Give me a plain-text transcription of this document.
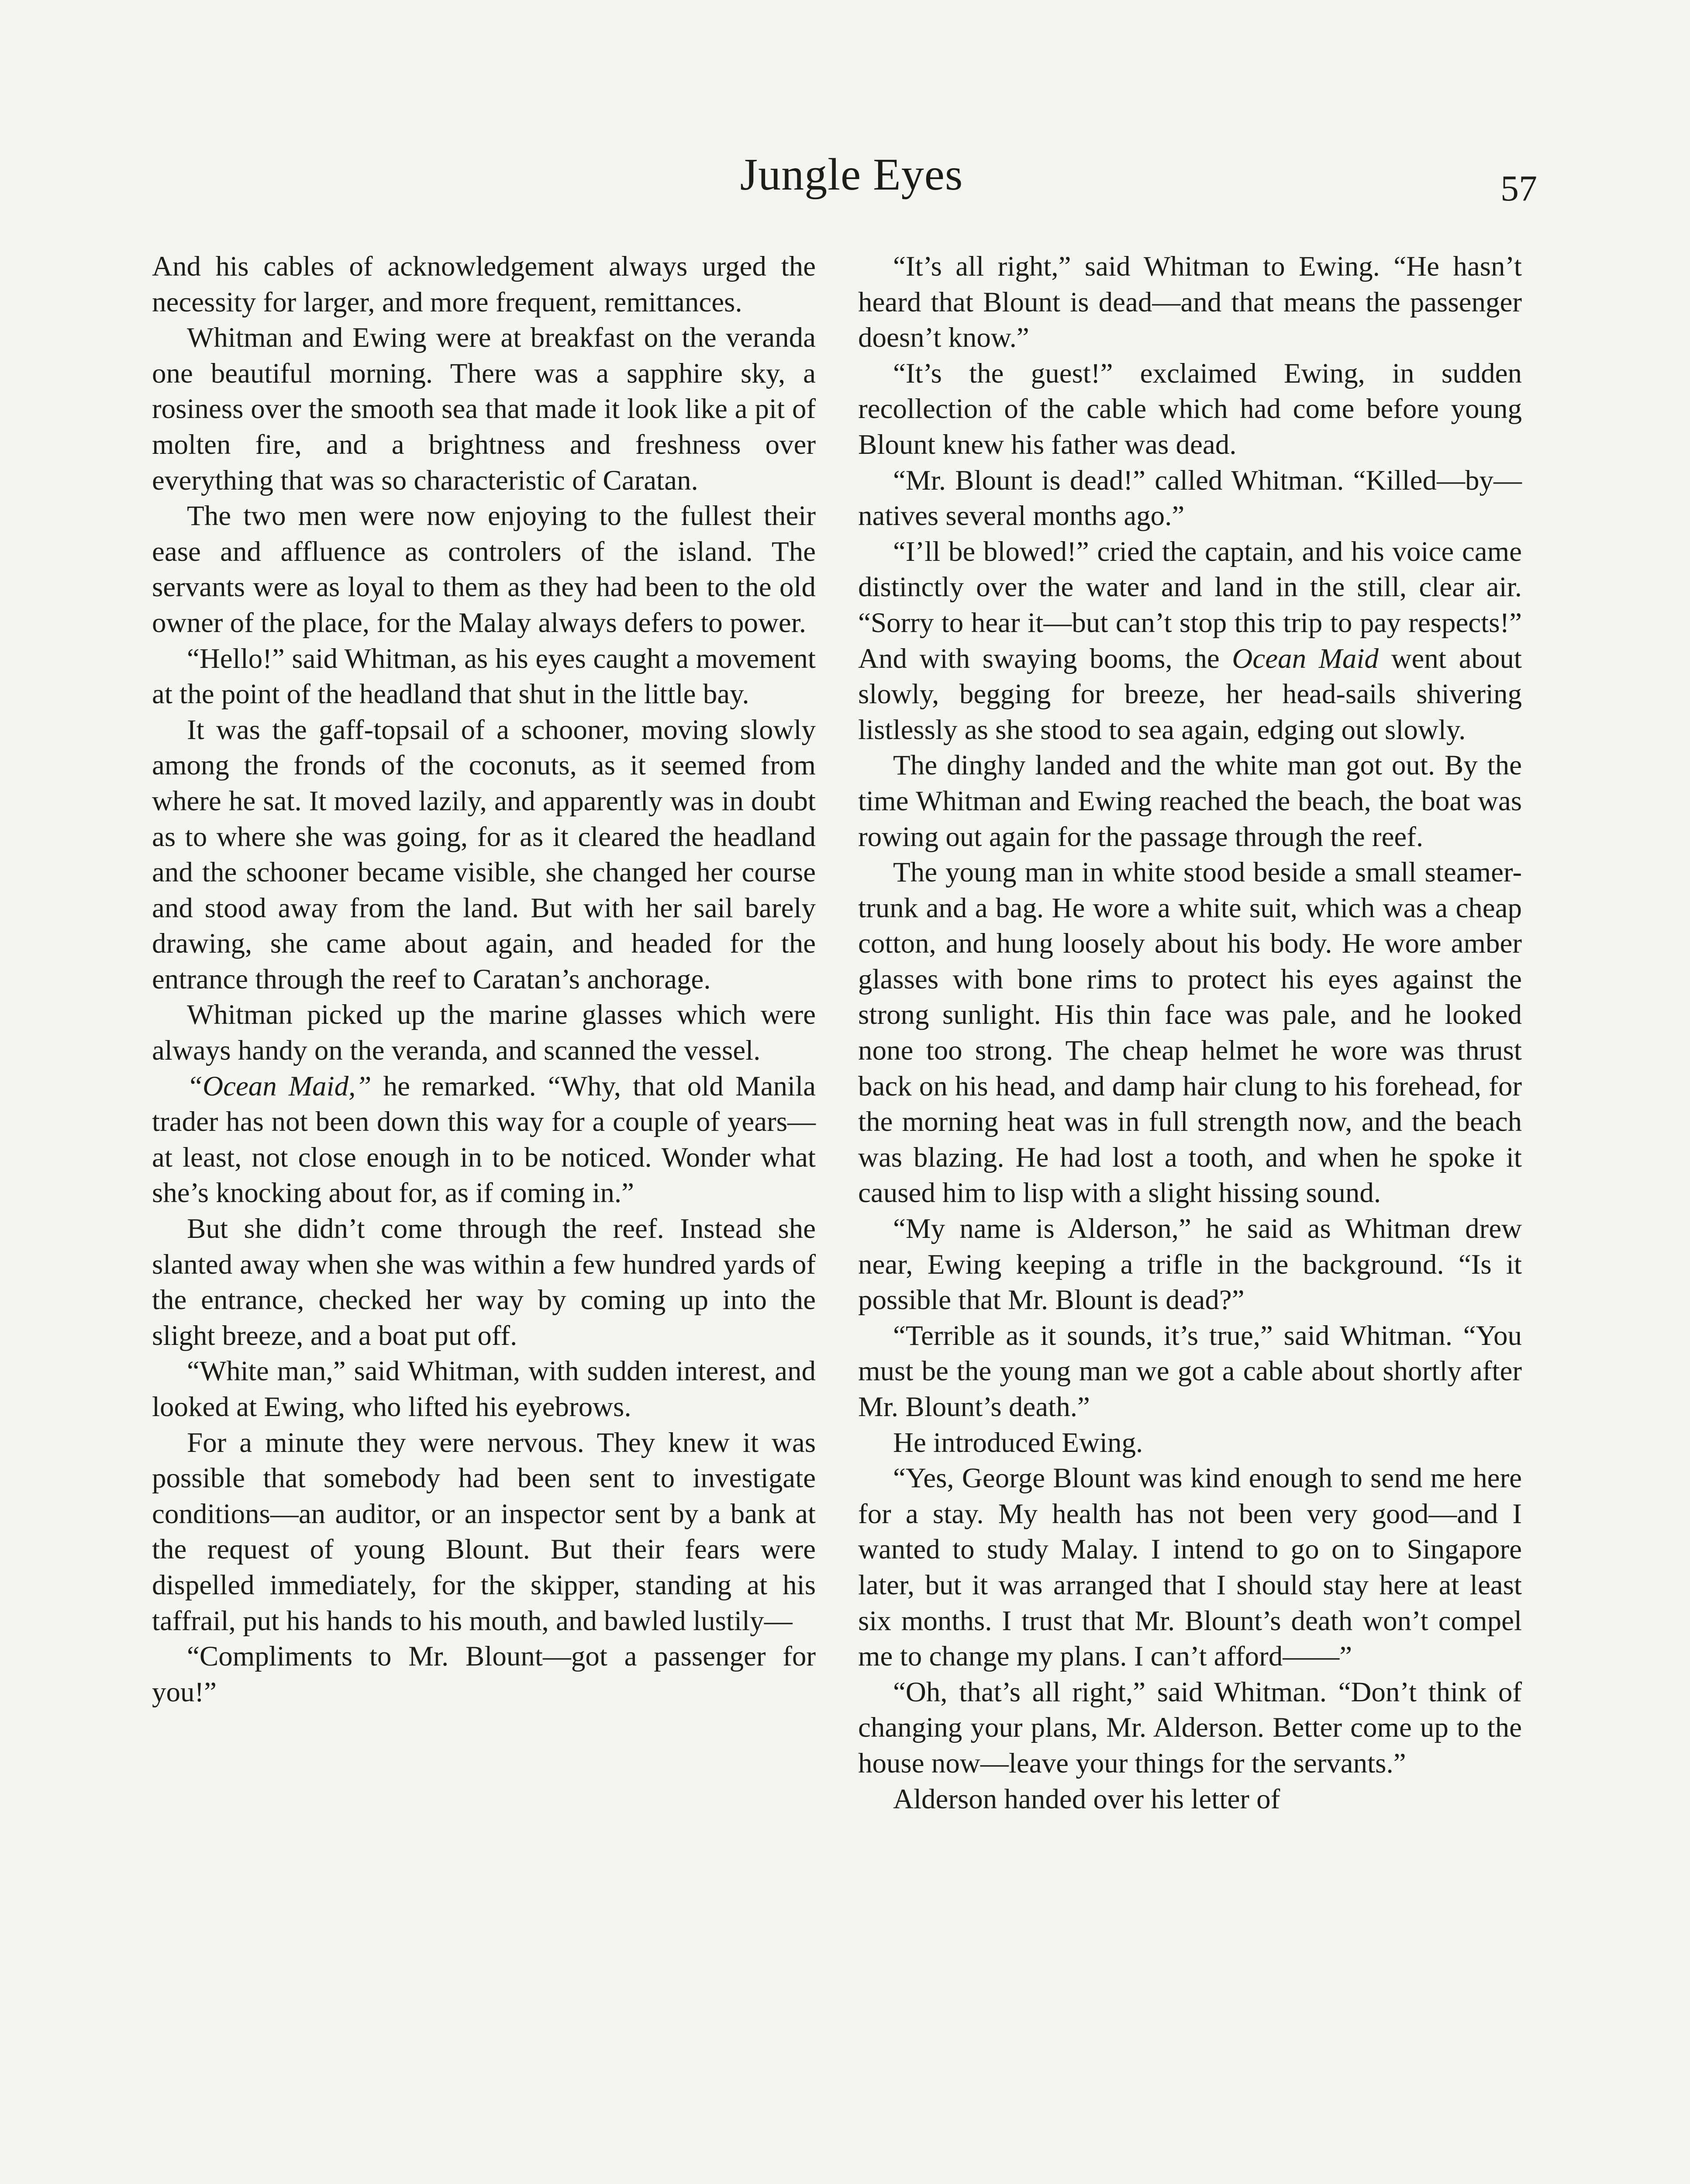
Jungle Eyes	57

And his cables of acknowledgement always urged the necessity for larger, and more frequent, remittances.

Whitman and Ewing were at breakfast on the veranda one beautiful morning. There was a sapphire sky, a rosiness over the smooth sea that made it look like a pit of molten fire, and a brightness and freshness over everything that was so characteristic of Caratan.

The two men were now enjoying to the fullest their ease and affluence as controlers of the island. The servants were as loyal to them as they had been to the old owner of the place, for the Malay always defers to power.

“Hello!” said Whitman, as his eyes caught a movement at the point of the headland that shut in the little bay.

It was the gaff-topsail of a schooner, moving slowly among the fronds of the coconuts, as it seemed from where he sat. It moved lazily, and apparently was in doubt as to where she was going, for as it cleared the headland and the schooner became visible, she changed her course and stood away from the land. But with her sail barely drawing, she came about again, and headed for the entrance through the reef to Caratan’s anchorage.

Whitman picked up the marine glasses which were always handy on the veranda, and scanned the vessel.

“Ocean Maid,” he remarked. “Why, that old Manila trader has not been down this way for a couple of years—at least, not close enough in to be noticed. Wonder what she’s knocking about for, as if coming in.”

But she didn’t come through the reef. Instead she slanted away when she was within a few hundred yards of the entrance, checked her way by coming up into the slight breeze, and a boat put off.

“White man,” said Whitman, with sudden interest, and looked at Ewing, who lifted his eyebrows.

For a minute they were nervous. They knew it was possible that somebody had been sent to investigate conditions—an auditor, or an inspector sent by a bank at the request of young Blount. But their fears were dispelled immediately, for the skipper, standing at his taffrail, put his hands to his mouth, and bawled lustily—

“Compliments to Mr. Blount—got a passenger for you!”

“It’s all right,” said Whitman to Ewing. “He hasn’t heard that Blount is dead—and that means the passenger doesn’t know.”

“It’s the guest!” exclaimed Ewing, in sudden recollection of the cable which had come before young Blount knew his father was dead.

“Mr. Blount is dead!” called Whitman. “Killed—by—natives several months ago.”

“I’ll be blowed!” cried the captain, and his voice came distinctly over the water and land in the still, clear air. “Sorry to hear it—but can’t stop this trip to pay respects!” And with swaying booms, the Ocean Maid went about slowly, begging for breeze, her head-sails shivering listlessly as she stood to sea again, edging out slowly.

The dinghy landed and the white man got out. By the time Whitman and Ewing reached the beach, the boat was rowing out again for the passage through the reef.

The young man in white stood beside a small steamer-trunk and a bag. He wore a white suit, which was a cheap cotton, and hung loosely about his body. He wore amber glasses with bone rims to protect his eyes against the strong sunlight. His thin face was pale, and he looked none too strong. The cheap helmet he wore was thrust back on his head, and damp hair clung to his forehead, for the morning heat was in full strength now, and the beach was blazing. He had lost a tooth, and when he spoke it caused him to lisp with a slight hissing sound.

“My name is Alderson,” he said as Whitman drew near, Ewing keeping a trifle in the background. “Is it possible that Mr. Blount is dead?”

“Terrible as it sounds, it’s true,” said Whitman. “You must be the young man we got a cable about shortly after Mr. Blount’s death.”

He introduced Ewing.

“Yes, George Blount was kind enough to send me here for a stay. My health has not been very good—and I wanted to study Malay. I intend to go on to Singapore later, but it was arranged that I should stay here at least six months. I trust that Mr. Blount’s death won’t compel me to change my plans. I can’t afford——”

“Oh, that’s all right,” said Whitman. “Don’t think of changing your plans, Mr. Alderson. Better come up to the house now—leave your things for the servants.”

Alderson handed over his letter of
